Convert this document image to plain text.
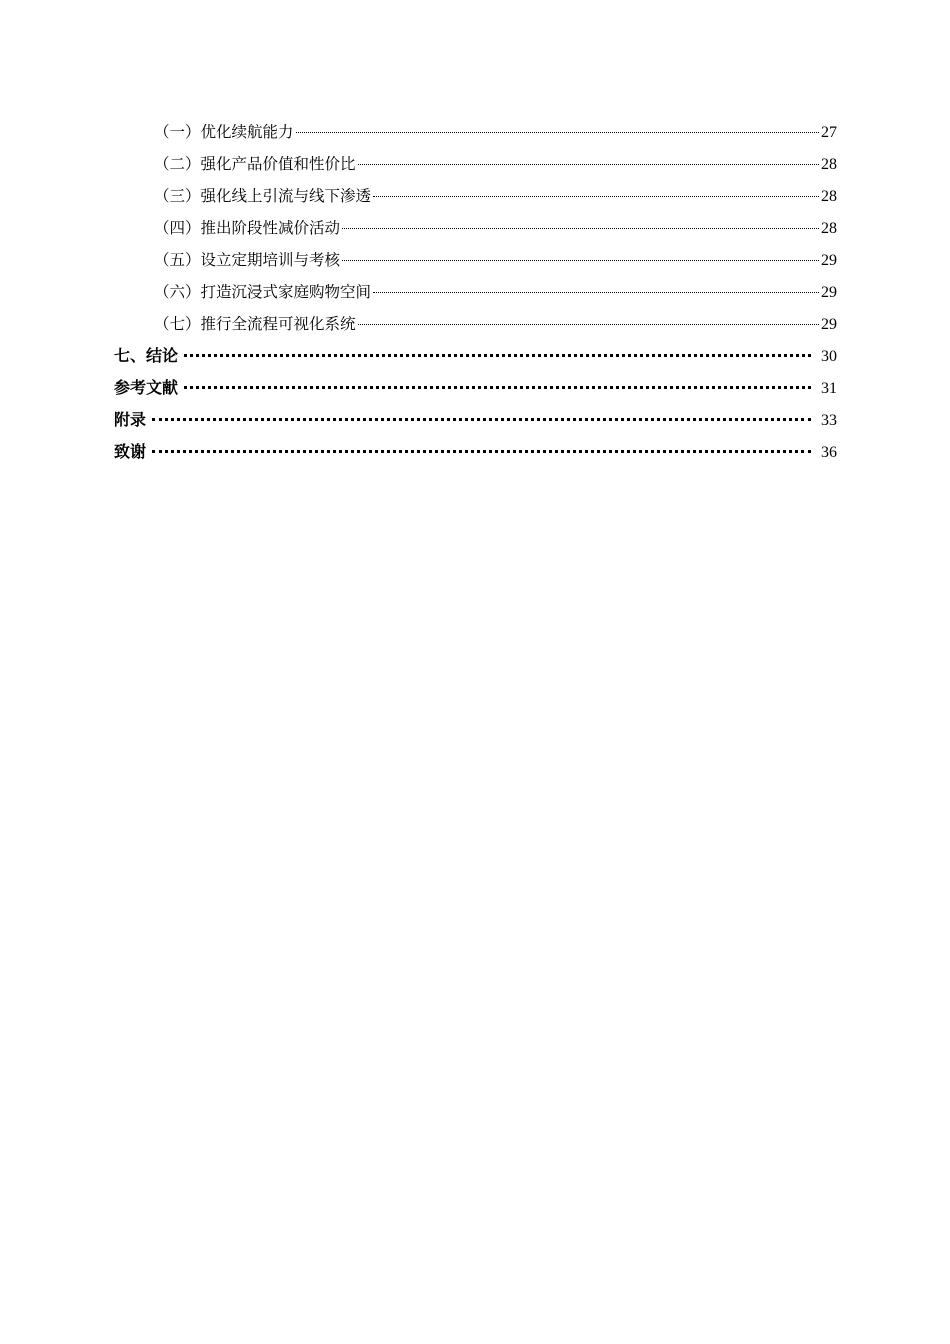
（一）优化续航能力	27
（二）强化产品价值和性价比	28
（三）强化线上引流与线下渗透	28
（四）推出阶段性减价活动	28
（五）设立定期培训与考核	29
（六）打造沉浸式家庭购物空间	29
（七）推行全流程可视化系统	29
七、结论	30
参考文献	31
附录	33
致谢	36
